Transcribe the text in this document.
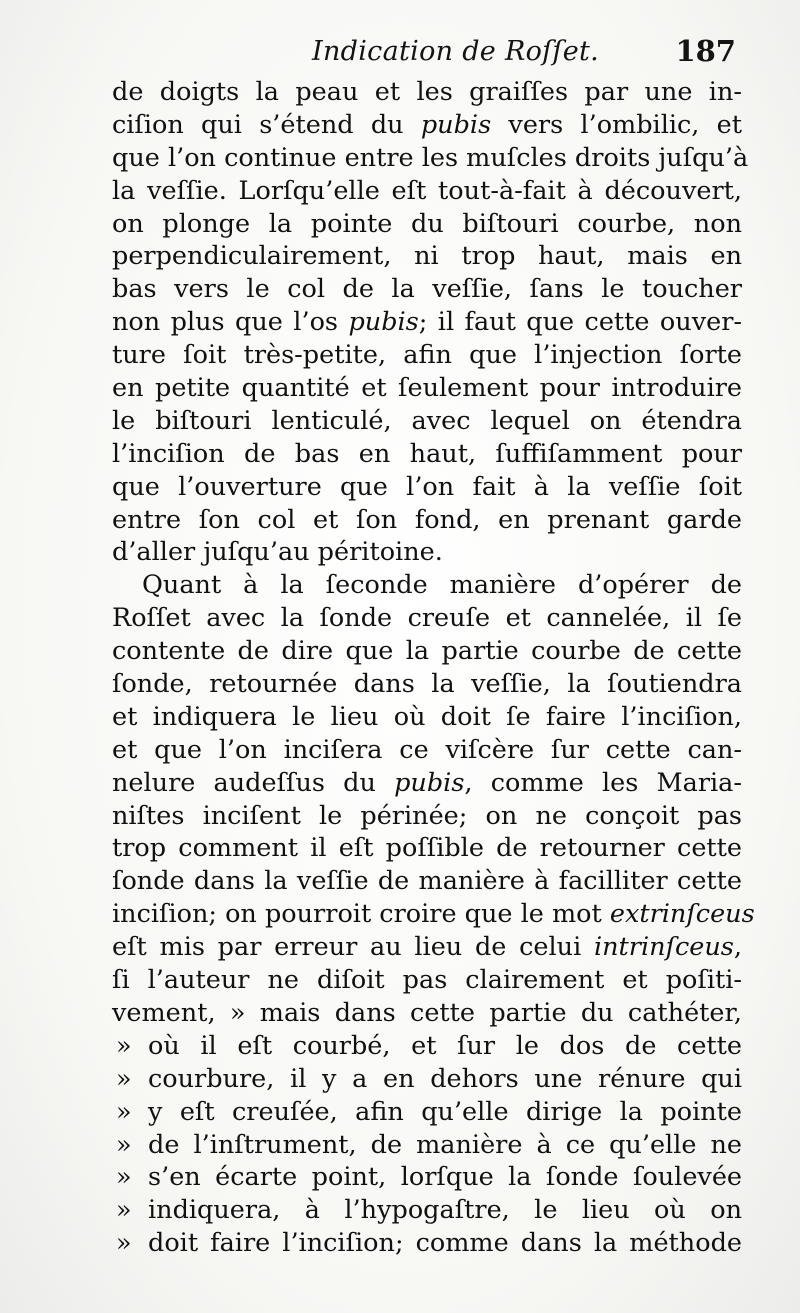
Indication de Roſſet.	187
de doigts la peau et les graiſſes par une in-
ciſion qui s’étend du pubis vers l’ombilic, et
que l’on continue entre les muſcles droits juſqu’à
la veſſie. Lorſqu’elle eſt tout-à-fait à découvert,
on plonge la pointe du biſtouri courbe, non
perpendiculairement, ni trop haut, mais en
bas vers le col de la veſſie, ſans le toucher
non plus que l’os pubis; il faut que cette ouver-
ture ſoit très-petite, afin que l’injection ſorte
en petite quantité et ſeulement pour introduire
le biſtouri lenticulé, avec lequel on étendra
l’inciſion de bas en haut, ſuffiſamment pour
que l’ouverture que l’on fait à la veſſie ſoit
entre ſon col et ſon fond, en prenant garde
d’aller juſqu’au péritoine.
Quant à la ſeconde manière d’opérer de
Roſſet avec la ſonde creuſe et cannelée, il ſe
contente de dire que la partie courbe de cette
ſonde, retournée dans la veſſie, la ſoutiendra
et indiquera le lieu où doit ſe faire l’inciſion,
et que l’on inciſera ce viſcère ſur cette can-
nelure audeſſus du pubis, comme les Maria-
niſtes inciſent le périnée; on ne conçoit pas
trop comment il eſt poſſible de retourner cette
ſonde dans la veſſie de manière à facilliter cette
inciſion; on pourroit croire que le mot extrinſceus
eſt mis par erreur au lieu de celui intrinſceus,
ſi l’auteur ne diſoit pas clairement et poſiti-
vement, » mais dans cette partie du cathéter,
» où il eſt courbé, et ſur le dos de cette
» courbure, il y a en dehors une rénure qui
» y eſt creuſée, afin qu’elle dirige la pointe
» de l’inſtrument, de manière à ce qu’elle ne
» s’en écarte point, lorſque la ſonde ſoulevée
» indiquera, à l’hypogaſtre, le lieu où on
» doit faire l’inciſion; comme dans la méthode
